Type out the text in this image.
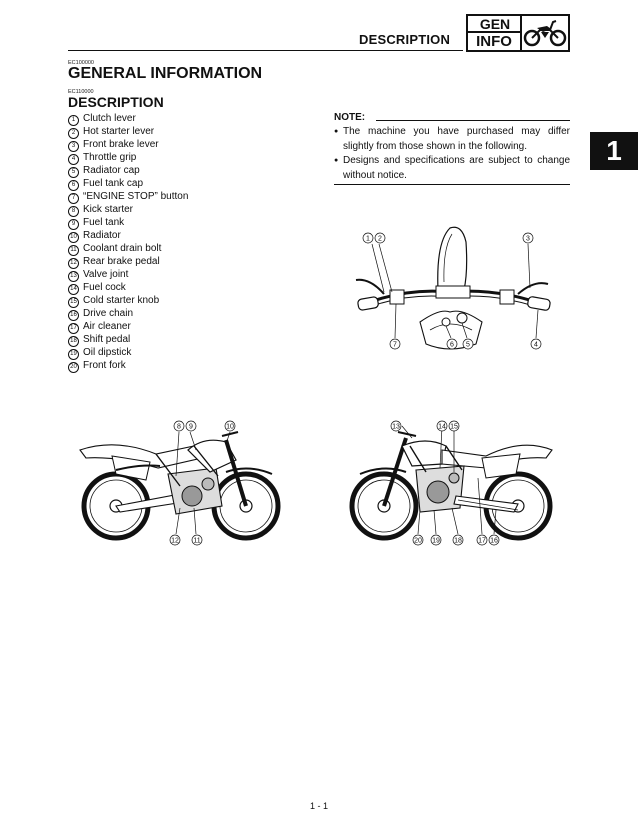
DESCRIPTION
GEN
INFO
EC100000
GENERAL INFORMATION
EC110000
DESCRIPTION
1 Clutch lever
2 Hot starter lever
3 Front brake lever
4 Throttle grip
5 Radiator cap
6 Fuel tank cap
7 “ENGINE STOP” button
8 Kick starter
9 Fuel tank
10 Radiator
11 Coolant drain bolt
12 Rear brake pedal
13 Valve joint
14 Fuel cock
15 Cold starter knob
16 Drive chain
17 Air cleaner
18 Shift pedal
19 Oil dipstick
20 Front fork
NOTE:
● The machine you have purchased may differ slightly from those shown in the following.
● Designs and specifications are subject to change without notice.
1
1 2	3
7	6 5	4
8 9	10
12 11
13	14 15
20 19 18 17 16
1 - 1
